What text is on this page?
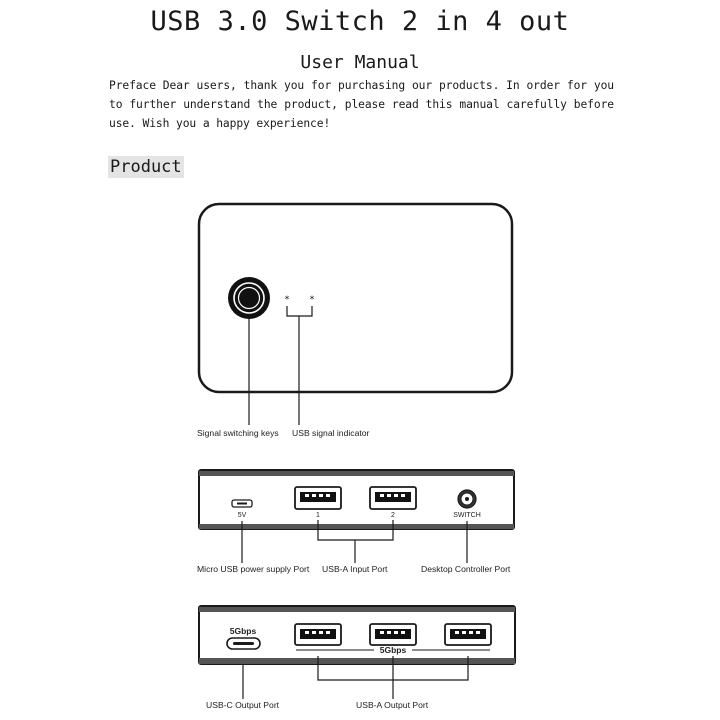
USB 3.0 Switch 2 in 4 out
User Manual
Preface Dear users, thank you for purchasing our products. In order for you to further understand the product, please read this manual carefully before use. Wish you a happy experience!
Product
* *
Signal switching keys USB signal indicator
5V	1	2	SWITCH
Micro USB power supply Port USB-A Input Port	Desktop Controller Port
5Gbps
5Gbps
USB-C Output Port	USB-A Output Port
